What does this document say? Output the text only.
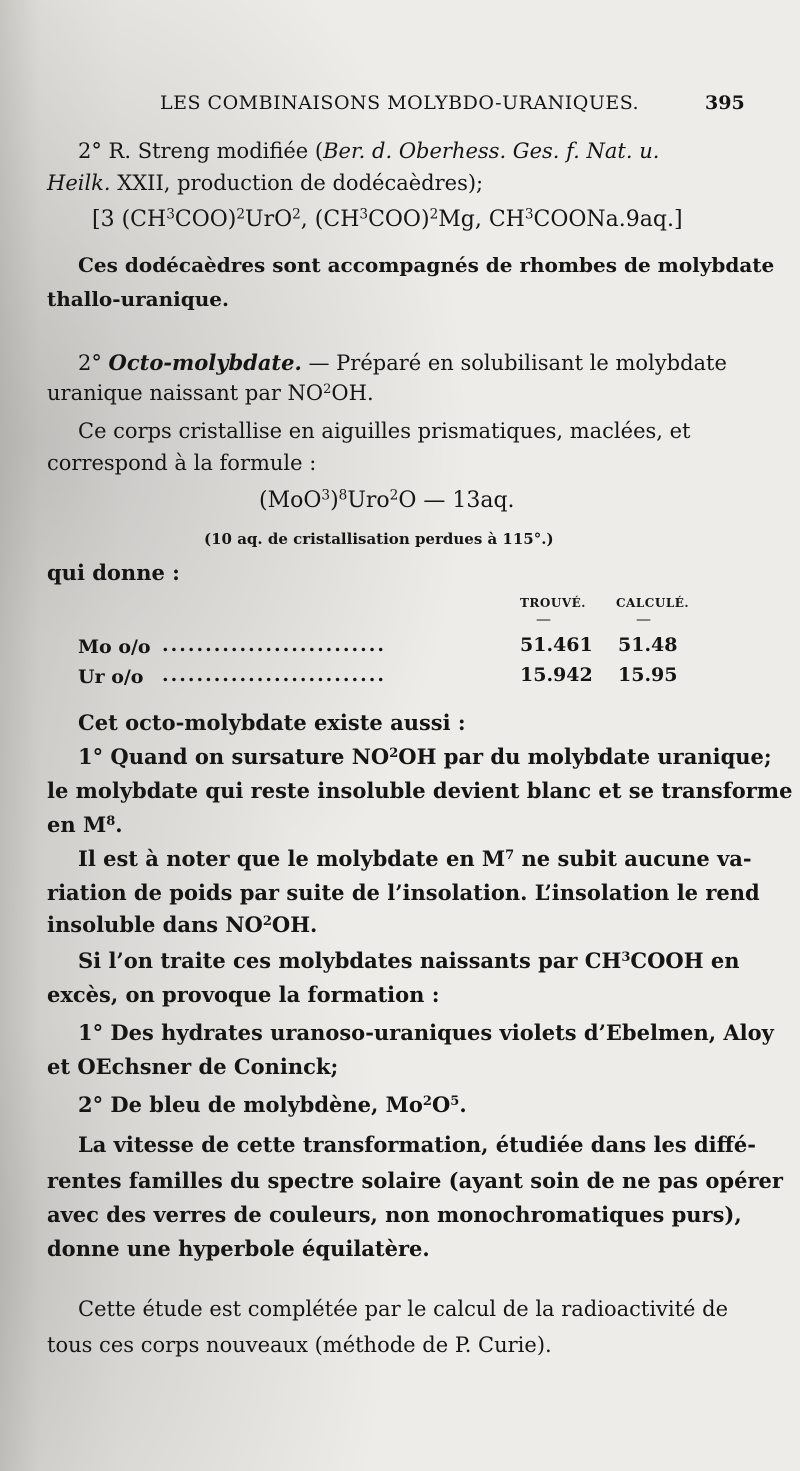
LES COMBINAISONS MOLYBDO-URANIQUES.	395
2° R. Streng modifiée (Ber. d. Oberhess. Ges. f. Nat. u.
Heilk. XXII, production de dodécaèdres);
[3 $(CH^3COO)^2UrO^2$, $(CH^3COO)^2Mg$, $CH^3COONa.9aq$.]
Ces dodécaèdres sont accompagnés de rhombes de molybdate
thallo-uranique.
2° Octo-molybdate. — Préparé en solubilisant le molybdate
uranique naissant par $NO^2OH$.
Ce corps cristallise en aiguilles prismatiques, maclées, et
correspond à la formule :
$(MoO^3)^8Uro^2O$ — 13aq.
(10 aq. de cristallisation perdues à 115°.)
qui donne :
TROUVÉ.	CALCULÉ.
—	—
Mo o/o ..........................	51.461 51.48
Ur o/o ..........................	15.942 15.95
Cet octo-molybdate existe aussi :
1° Quand on sursature $NO^2OH$ par du molybdate uranique;
le molybdate qui reste insoluble devient blanc et se transforme
en $M^8$.
Il est à noter que le molybdate en $M^7$ ne subit aucune va-
riation de poids par suite de l’insolation. L’insolation le rend
insoluble dans $NO^2OH$.
Si l’on traite ces molybdates naissants par $CH^3COOH$ en
excès, on provoque la formation :
1° Des hydrates uranoso-uraniques violets d’Ebelmen, Aloy
et OEchsner de Coninck;
2° De bleu de molybdène, $Mo^2O^5$.
La vitesse de cette transformation, étudiée dans les diffé-
rentes familles du spectre solaire (ayant soin de ne pas opérer
avec des verres de couleurs, non monochromatiques purs),
donne une hyperbole équilatère.
Cette étude est complétée par le calcul de la radioactivité de
tous ces corps nouveaux (méthode de P. Curie).
